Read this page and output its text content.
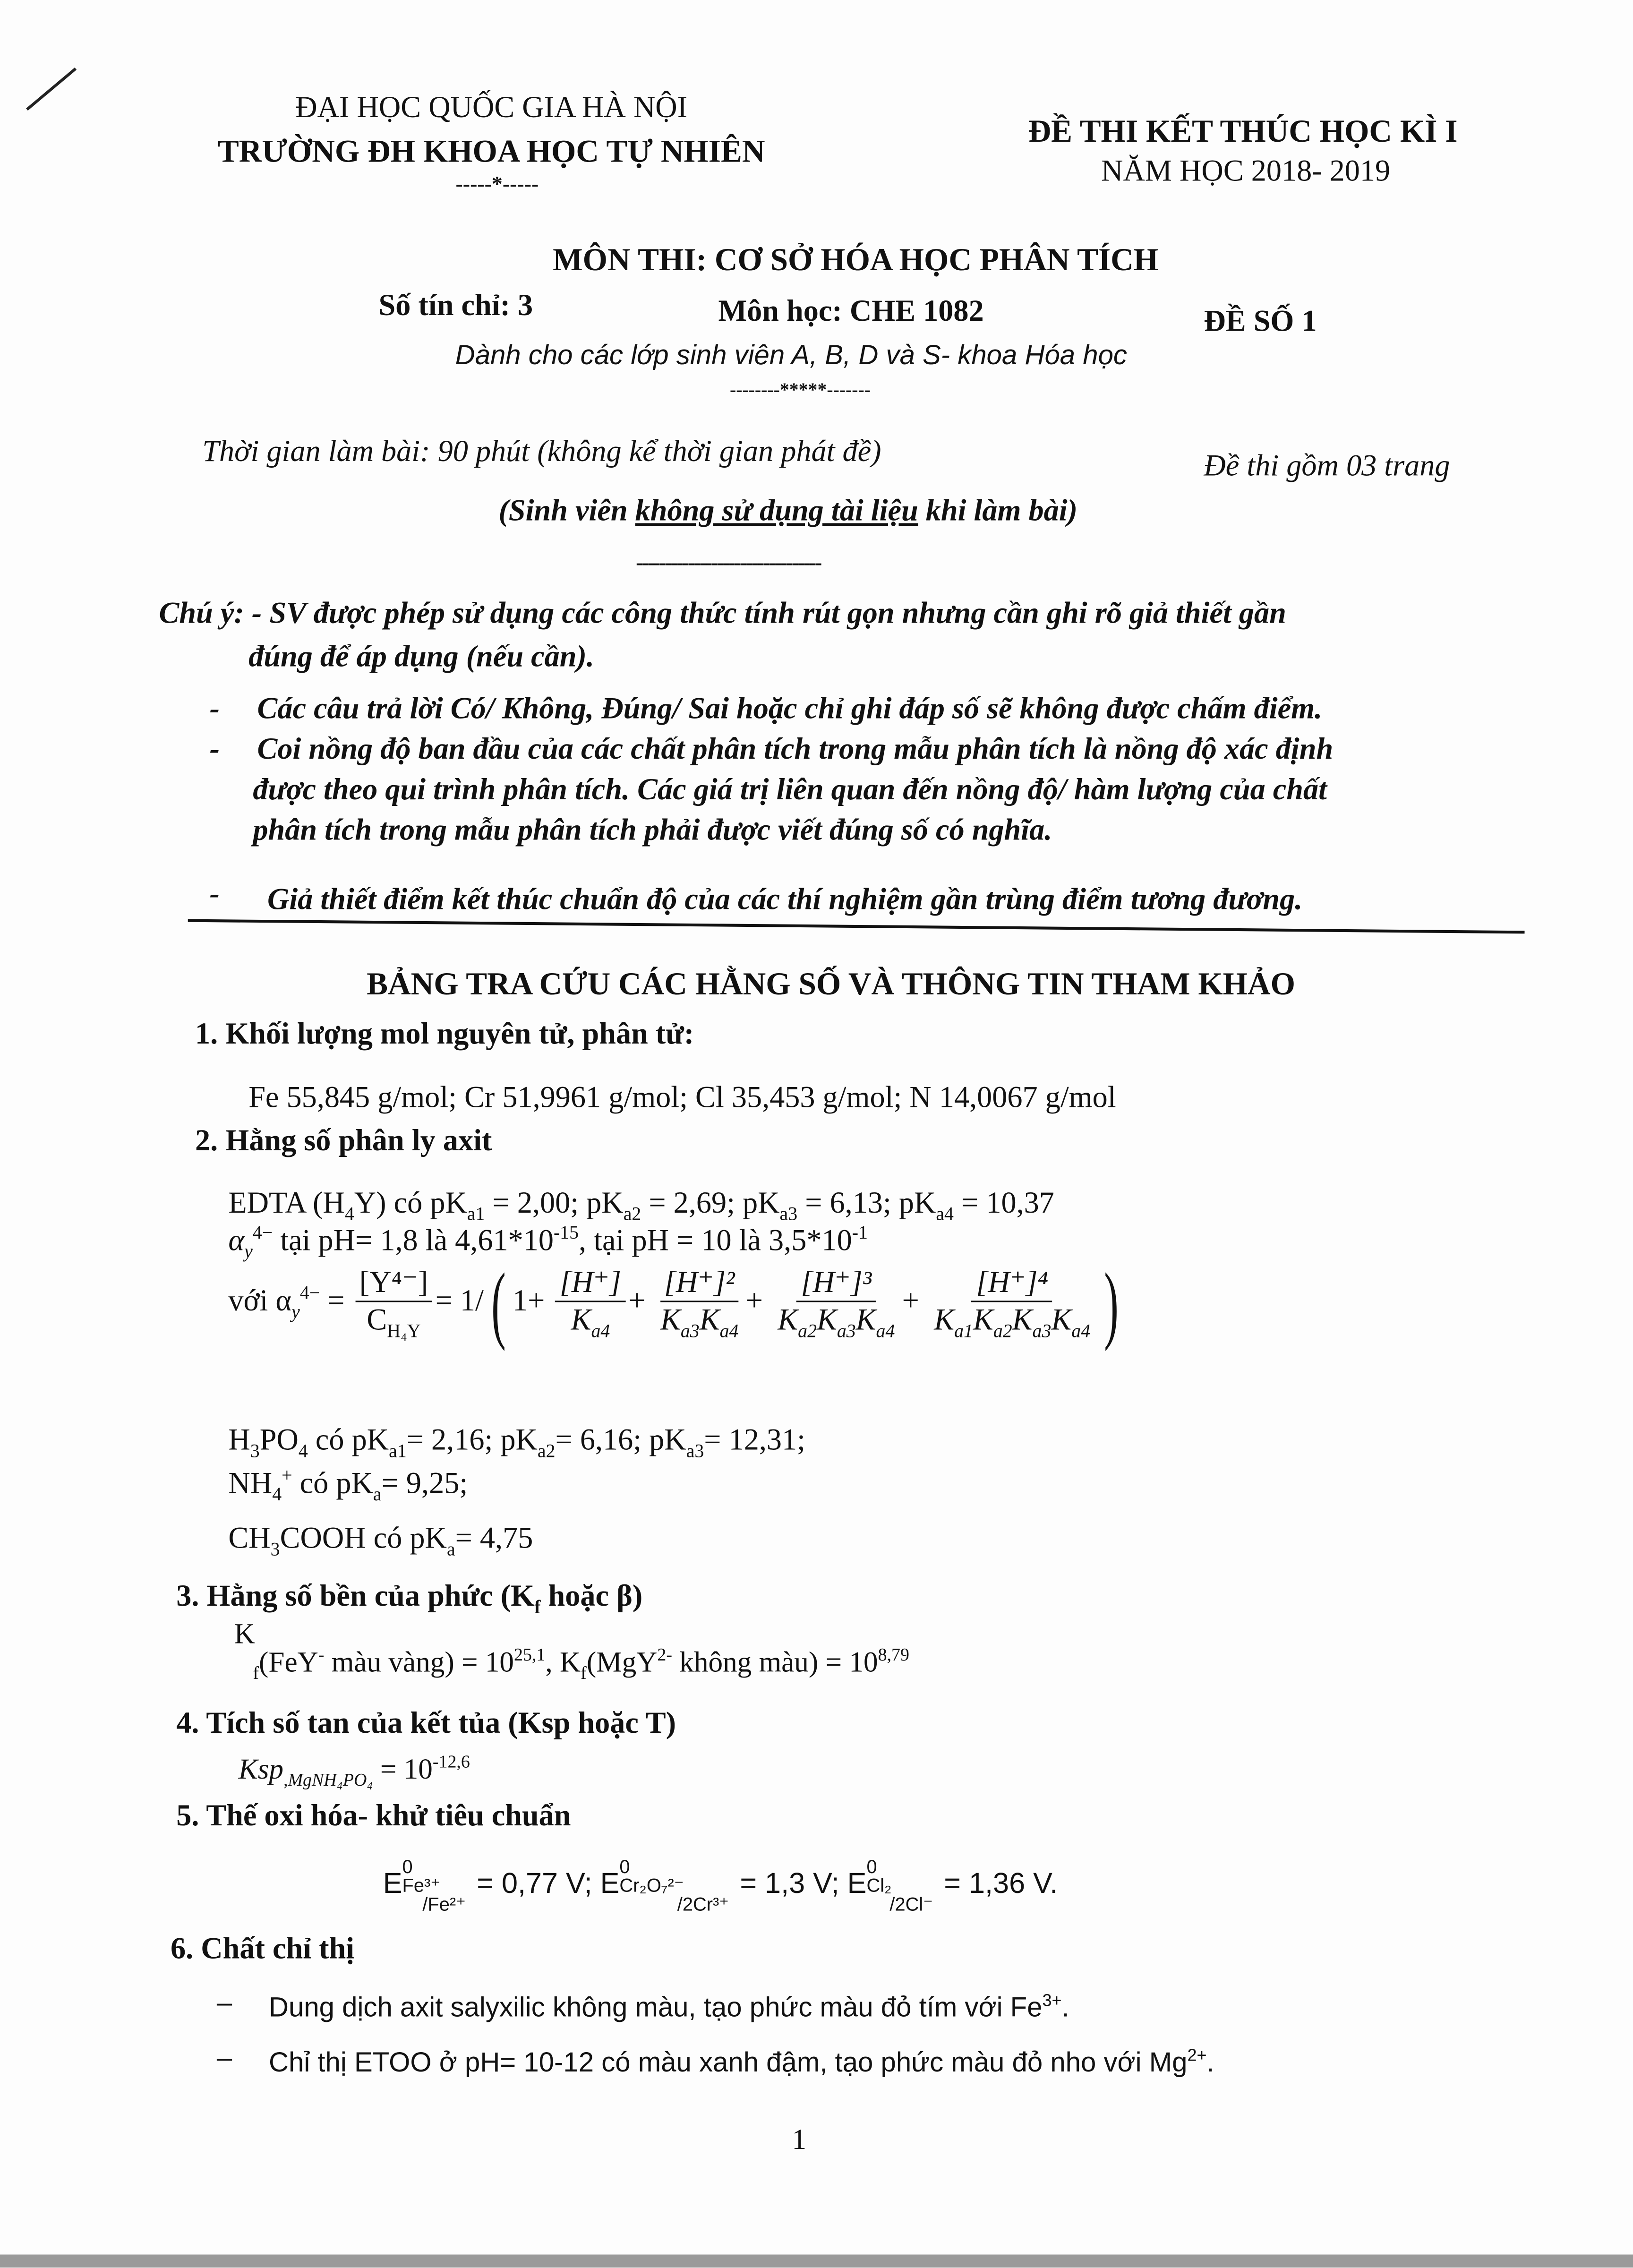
ĐẠI HỌC QUỐC GIA HÀ NỘI
TRƯỜNG ĐH KHOA HỌC TỰ NHIÊN
-----*-----
ĐỀ THI KẾT THÚC HỌC KÌ I
NĂM HỌC 2018- 2019
MÔN THI: CƠ SỞ HÓA HỌC PHÂN TÍCH
Số tín chỉ: 3	Môn học: CHE 1082	ĐỀ SỐ 1
Dành cho các lớp sinh viên A, B, D và S- khoa Hóa học
--------*****-------
Thời gian làm bài: 90 phút (không kể thời gian phát đề)	Đề thi gồm 03 trang
(Sinh viên không sử dụng tài liệu khi làm bài)
--------------------------------
Chú ý: - SV được phép sử dụng các công thức tính rút gọn nhưng cần ghi rõ giả thiết gần
đúng để áp dụng (nếu cần).
-	Các câu trả lời Có/ Không, Đúng/ Sai hoặc chỉ ghi đáp số sẽ không được chấm điểm.
-	Coi nồng độ ban đầu của các chất phân tích trong mẫu phân tích là nồng độ xác định
được theo qui trình phân tích. Các giá trị liên quan đến nồng độ/ hàm lượng của chất
phân tích trong mẫu phân tích phải được viết đúng số có nghĩa.
-	Giả thiết điểm kết thúc chuẩn độ của các thí nghiệm gần trùng điểm tương đương.
BẢNG TRA CỨU CÁC HẰNG SỐ VÀ THÔNG TIN THAM KHẢO
1. Khối lượng mol nguyên tử, phân tử:
Fe 55,845 g/mol; Cr 51,9961 g/mol; Cl 35,453 g/mol; N 14,0067 g/mol
2. Hằng số phân ly axit
EDTA $(H_4Y)$ có $pK_{a1} = 2,00$; $pK_{a2} = 2,69$; $pK_{a3} = 6,13$; $pK_{a4} = 10,37$
$\alpha_y^{4-}$ tại pH= 1,8 là $4,61*10^{-15}$, tại pH = 10 là $3,5*10^{-1}$
với $\alpha_y^{4-} = \frac{\text{[Y⁴⁻]}}{C_{H_4Y}} = 1/$ ( $1+ \frac{[H^+]}{K_{a4}} + \frac{\text{[H⁺]²}}{K_{a3}K_{a4}} + \frac{\text{[H⁺]³}}{K_{a2}K_{a3}K_{a4}} + \frac{\text{[H⁺]⁴}}{K_{a1}K_{a2}K_{a3}K_{a4}}$ )
$H_3PO_4$ có $pK_{a1}= 2,16$; $pK_{a2}= 6,16$; $pK_{a3}= 12,31$;
$NH_4^+$ có $pK_a= 9,25$;
$CH_3COOH$ có $pK_a= 4,75$
3. Hằng số bền của phức ($K_f$ hoặc β)
K
$_f$(FeY- màu vàng) = $10^{25,1}$, $K_f(MgY^{2-}$ không màu) = $10^{8,79}$
4. Tích số tan của kết tủa (Ksp hoặc T)
$Ksp_{,MgNH_4PO_4} = 10^{-12,6}$
5. Thế oxi hóa- khử tiêu chuẩn
E
0
Fe³⁺
/Fe²⁺
= 0,77 V; E
0
Cr₂O₇²⁻
/2Cr³⁺
= 1,3 V; E
0
Cl₂
/2Cl⁻
= 1,36 V.
6. Chất chỉ thị
–	Dung dịch axit salyxilic không màu, tạo phức màu đỏ tím với $Fe^{3+}$.
–	Chỉ thị ETOO ở pH= 10-12 có màu xanh đậm, tạo phức màu đỏ nho với $Mg^{2+}$.
1
